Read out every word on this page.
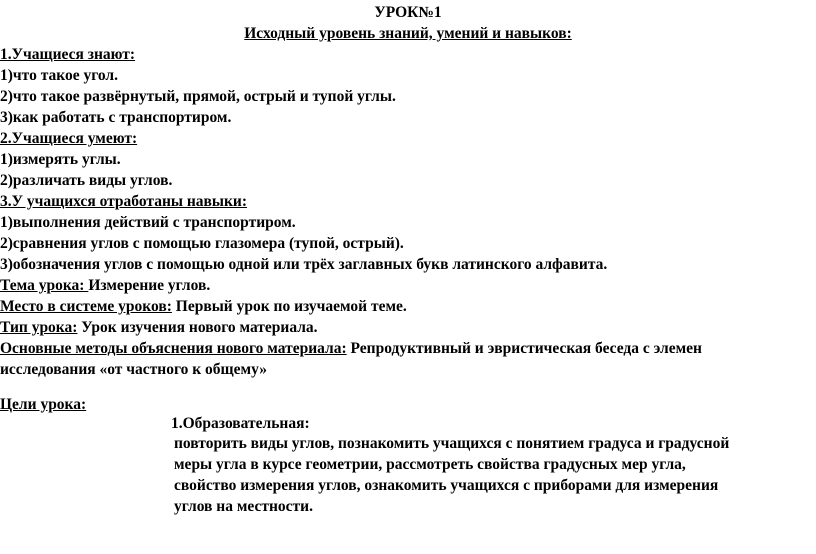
УРОК№1
Исходный уровень знаний, умений и навыков:
1.Учащиеся знают:
1)что такое угол.
2)что такое развёрнутый, прямой, острый и тупой углы.
3)как работать с транспортиром.
2.Учащиеся умеют:
1)измерять углы.
2)различать виды углов.
3.У учащихся отработаны навыки:
1)выполнения действий с транспортиром.
2)сравнения углов с помощью глазомера (тупой, острый).
3)обозначения углов с помощью одной или трёх заглавных букв латинского алфавита.
Тема урока: Измерение углов.
Место в системе уроков: Первый урок по изучаемой теме.
Тип урока: Урок изучения нового материала.
Основные методы объяснения нового материала: Репродуктивный и эвристическая беседа с элемен
исследования «от частного к общему»
Цели урока:
1.Образовательная:
повторить виды углов, познакомить учащихся с понятием градуса и градусной
меры угла в курсе геометрии, рассмотреть свойства градусных мер угла,
свойство измерения углов, ознакомить учащихся с приборами для измерения
углов на местности.
